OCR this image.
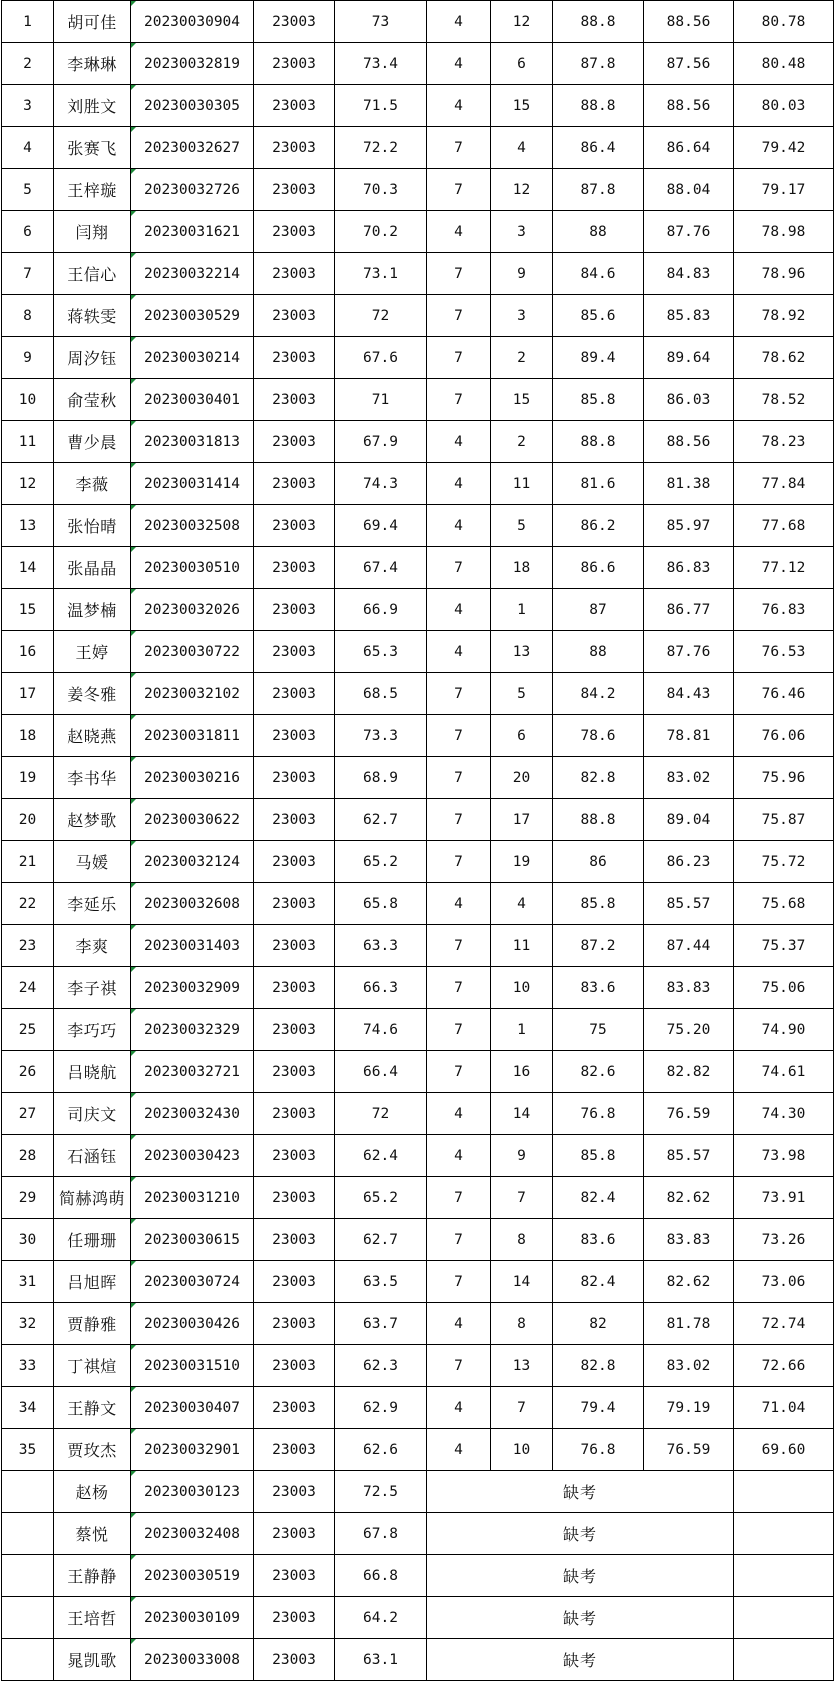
1	胡可佳	20230030904	23003	73	4	12	88.8	88.56	80.78
2	李琳琳	20230032819	23003	73.4	4	6	87.8	87.56	80.48
3	刘胜文	20230030305	23003	71.5	4	15	88.8	88.56	80.03
4	张赛飞	20230032627	23003	72.2	7	4	86.4	86.64	79.42
5	王梓璇	20230032726	23003	70.3	7	12	87.8	88.04	79.17
6	闫翔	20230031621	23003	70.2	4	3	88	87.76	78.98
7	王信心	20230032214	23003	73.1	7	9	84.6	84.83	78.96
8	蒋轶雯	20230030529	23003	72	7	3	85.6	85.83	78.92
9	周汐钰	20230030214	23003	67.6	7	2	89.4	89.64	78.62
10	俞莹秋	20230030401	23003	71	7	15	85.8	86.03	78.52
11	曹少晨	20230031813	23003	67.9	4	2	88.8	88.56	78.23
12	李薇	20230031414	23003	74.3	4	11	81.6	81.38	77.84
13	张怡晴	20230032508	23003	69.4	4	5	86.2	85.97	77.68
14	张晶晶	20230030510	23003	67.4	7	18	86.6	86.83	77.12
15	温梦楠	20230032026	23003	66.9	4	1	87	86.77	76.83
16	王婷	20230030722	23003	65.3	4	13	88	87.76	76.53
17	姜冬雅	20230032102	23003	68.5	7	5	84.2	84.43	76.46
18	赵晓燕	20230031811	23003	73.3	7	6	78.6	78.81	76.06
19	李书华	20230030216	23003	68.9	7	20	82.8	83.02	75.96
20	赵梦歌	20230030622	23003	62.7	7	17	88.8	89.04	75.87
21	马媛	20230032124	23003	65.2	7	19	86	86.23	75.72
22	李延乐	20230032608	23003	65.8	4	4	85.8	85.57	75.68
23	李爽	20230031403	23003	63.3	7	11	87.2	87.44	75.37
24	李子祺	20230032909	23003	66.3	7	10	83.6	83.83	75.06
25	李巧巧	20230032329	23003	74.6	7	1	75	75.20	74.90
26	吕晓航	20230032721	23003	66.4	7	16	82.6	82.82	74.61
27	司庆文	20230032430	23003	72	4	14	76.8	76.59	74.30
28	石涵钰	20230030423	23003	62.4	4	9	85.8	85.57	73.98
29	简赫鸿萌	20230031210	23003	65.2	7	7	82.4	82.62	73.91
30	任珊珊	20230030615	23003	62.7	7	8	83.6	83.83	73.26
31	吕旭晖	20230030724	23003	63.5	7	14	82.4	82.62	73.06
32	贾静雅	20230030426	23003	63.7	4	8	82	81.78	72.74
33	丁祺煊	20230031510	23003	62.3	7	13	82.8	83.02	72.66
34	王静文	20230030407	23003	62.9	4	7	79.4	79.19	71.04
35	贾玫杰	20230032901	23003	62.6	4	10	76.8	76.59	69.60
	赵杨	20230030123	23003	72.5	缺考				
	蔡悦	20230032408	23003	67.8	缺考				
	王静静	20230030519	23003	66.8	缺考				
	王培哲	20230030109	23003	64.2	缺考				
	晁凯歌	20230033008	23003	63.1	缺考				
